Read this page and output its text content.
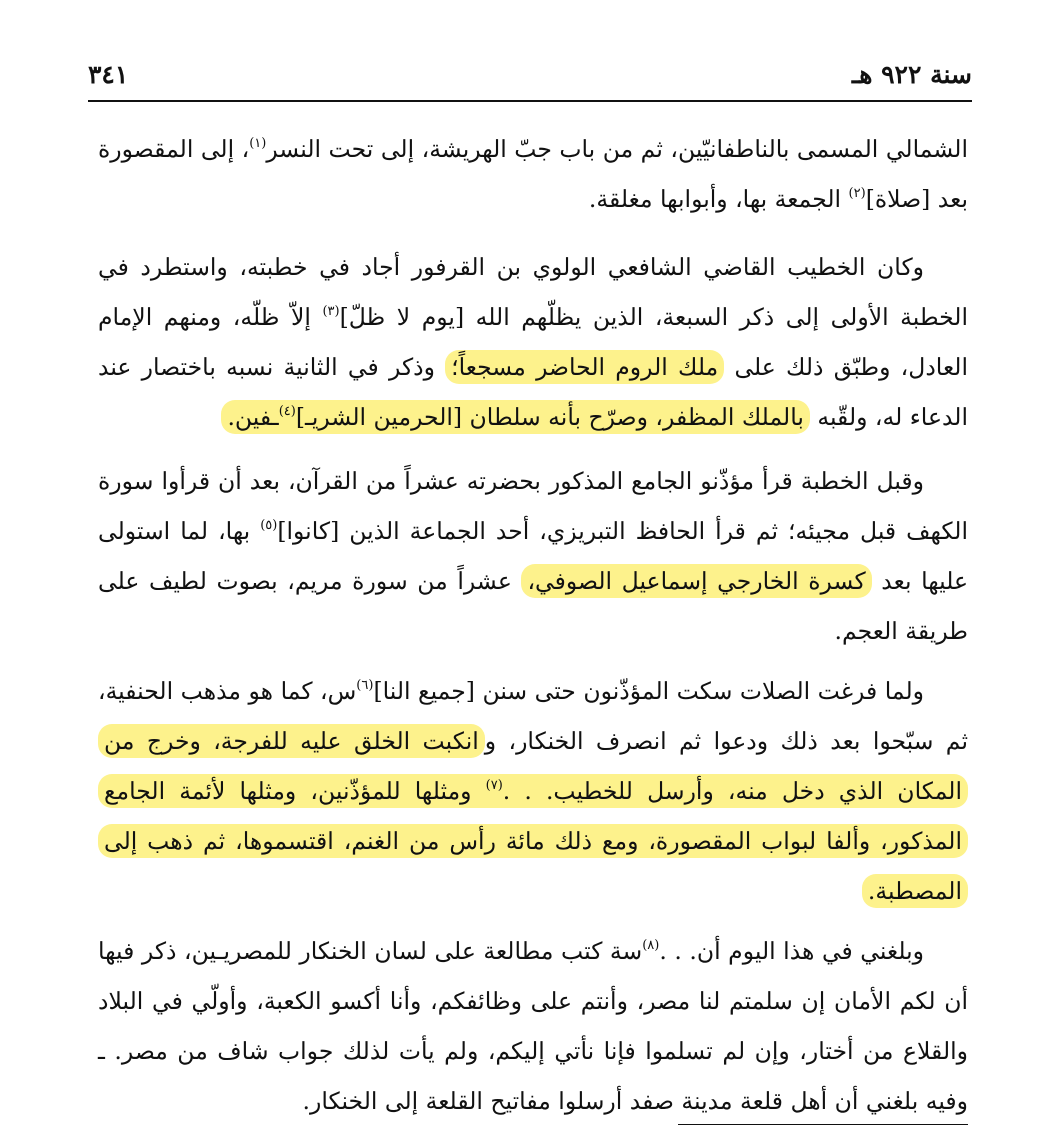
سنة ٩٢٢ هـ
٣٤١
الشمالي المسمى بالناطفانيّين، ثم من باب جبّ الهريشة، إلى تحت النسر$^{(١)}$، إلى المقصورة بعد [صلاة]$^{(٢)}$ الجمعة بها، وأبوابها مغلقة.
وكان الخطيب القاضي الشافعي الولوي بن القرفور أجاد في خطبته، واستطرد في الخطبة الأولى إلى ذكر السبعة، الذين يظلّهم الله [يوم لا ظلّ]$^{(٣)}$ إلاّ ظلّه، ومنهم الإمام العادل، وطبّق ذلك على ملك الروم الحاضر مسجعاً؛ وذكر في الثانية نسبه باختصار عند الدعاء له، ولقّبه بالملك المظفر، وصرّح بأنه سلطان [الحرمين الشريـ]$^{(٤)}$ـفين.
وقبل الخطبة قرأ مؤذّنو الجامع المذكور بحضرته عشراً من القرآن، بعد أن قرأوا سورة الكهف قبل مجيئه؛ ثم قرأ الحافظ التبريزي، أحد الجماعة الذين [كانوا]$^{(٥)}$ بها، لما استولى عليها بعد كسرة الخارجي إسماعيل الصوفي، عشراً من سورة مريم، بصوت لطيف على طريقة العجم.
ولما فرغت الصلات سكت المؤذّنون حتى سنن [جميع النا]$^{(٦)}$س، كما هو مذهب الحنفية، ثم سبّحوا بعد ذلك ودعوا ثم انصرف الخنكار، وانكبت الخلق عليه للفرجة، وخرج من المكان الذي دخل منه، وأرسل للخطيب. . .$^{(٧)}$ ومثلها للمؤذّنين، ومثلها لأئمة الجامع المذكور، وألفا لبواب المقصورة، ومع ذلك مائة رأس من الغنم، اقتسموها، ثم ذهب إلى المصطبة.
وبلغني في هذا اليوم أن. . .$^{(٨)}$سة كتب مطالعة على لسان الخنكار للمصريـين، ذكر فيها أن لكم الأمان إن سلمتم لنا مصر، وأنتم على وظائفكم، وأنا أكسو الكعبة، وأولّي في البلاد والقلاع من أختار، وإن لم تسلموا فإنا نأتي إليكم، ولم يأت لذلك جواب شاف من مصر. ـ وفيه بلغني أن أهل قلعة مدينة صفد أرسلوا مفاتيح القلعة إلى الخنكار.
